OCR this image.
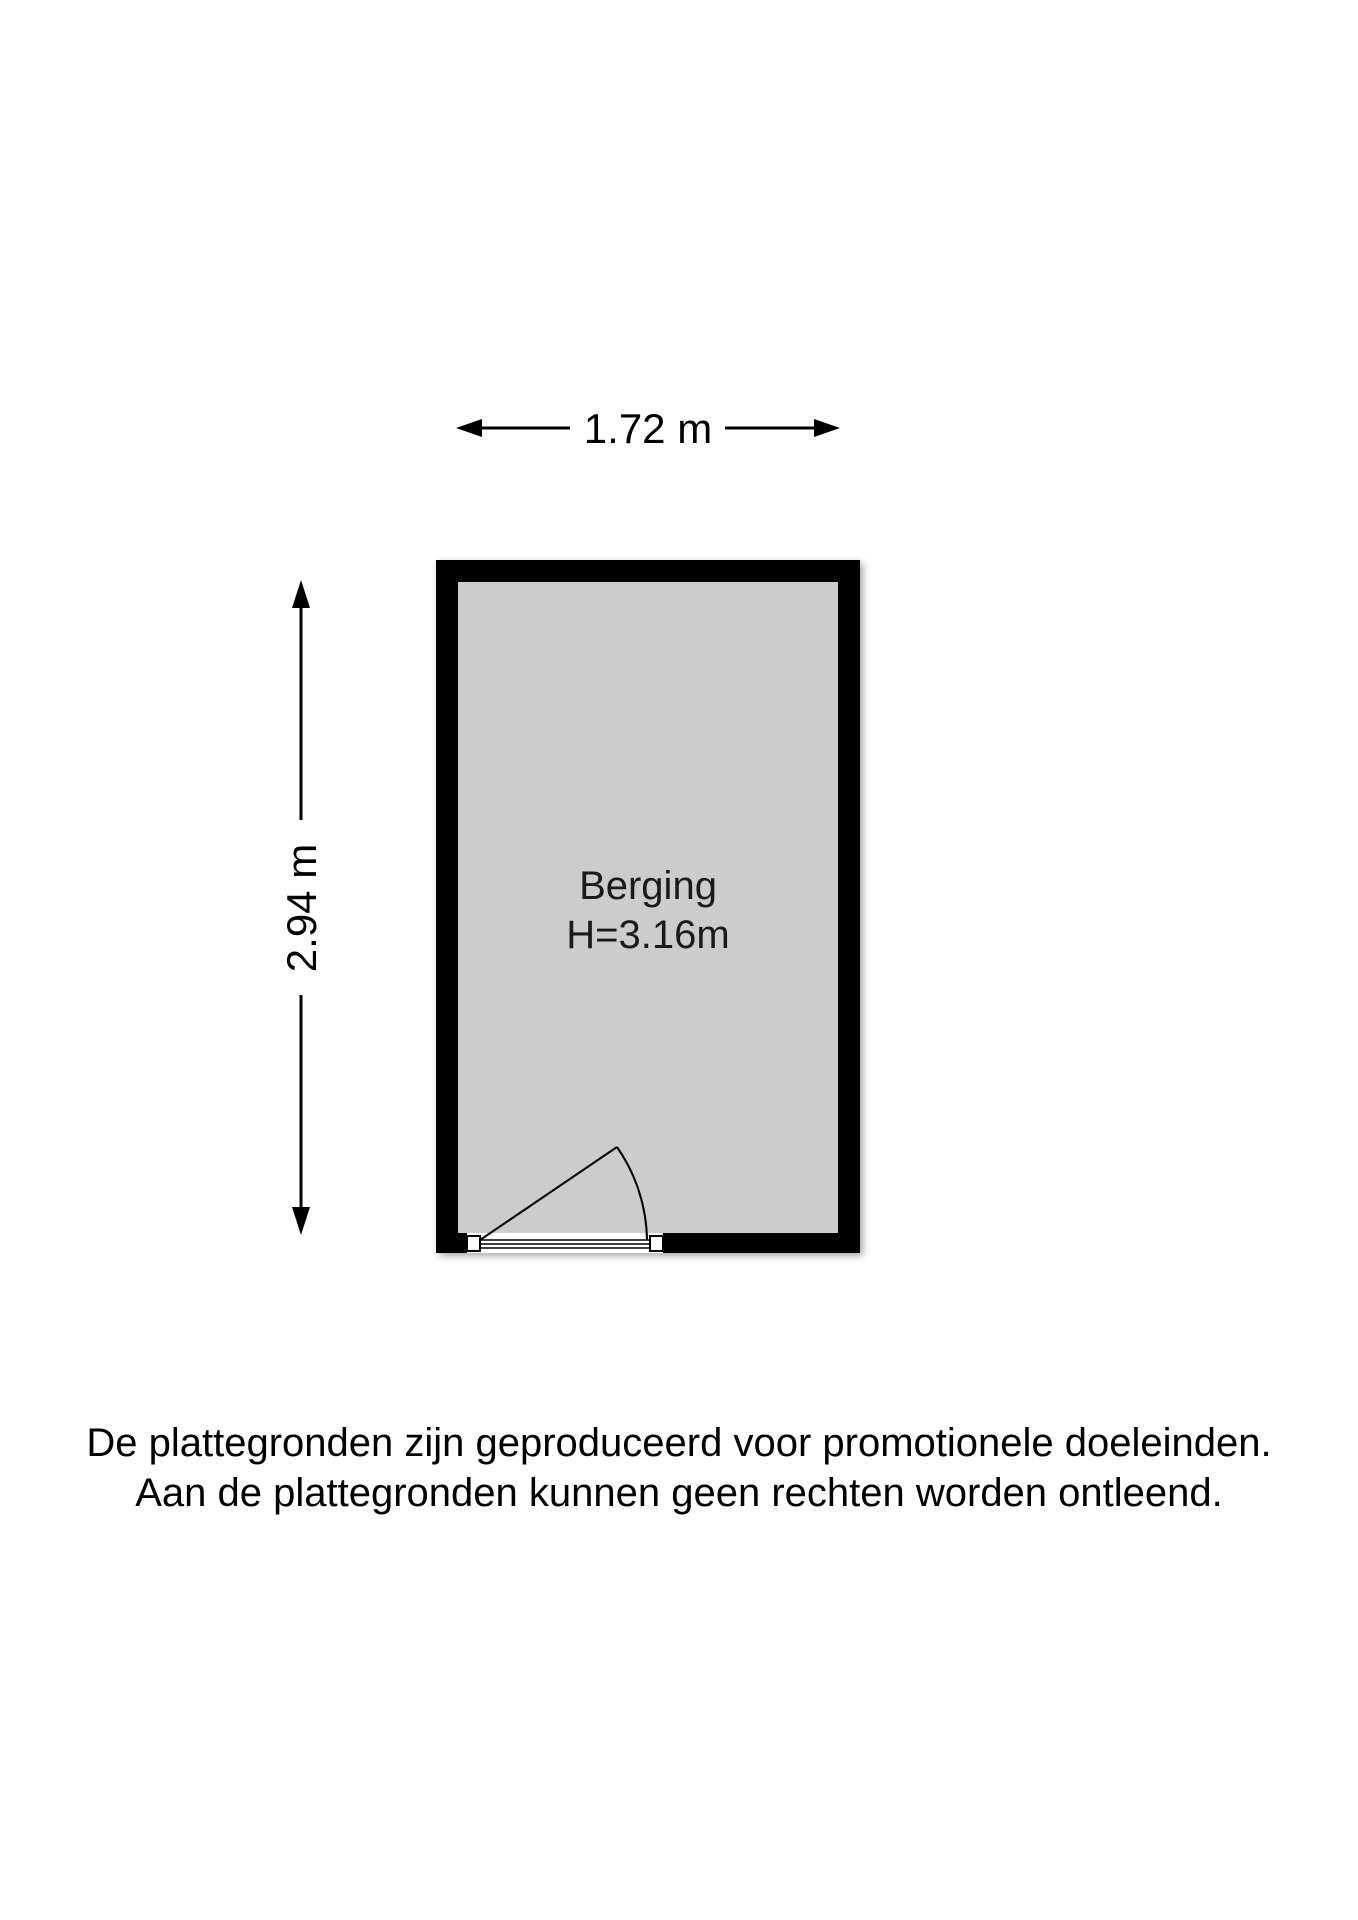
1.72 m
2.94 m	Berging
H=3.16m
De plattegronden zijn geproduceerd voor promotionele doeleinden.
Aan de plattegronden kunnen geen rechten worden ontleend.
